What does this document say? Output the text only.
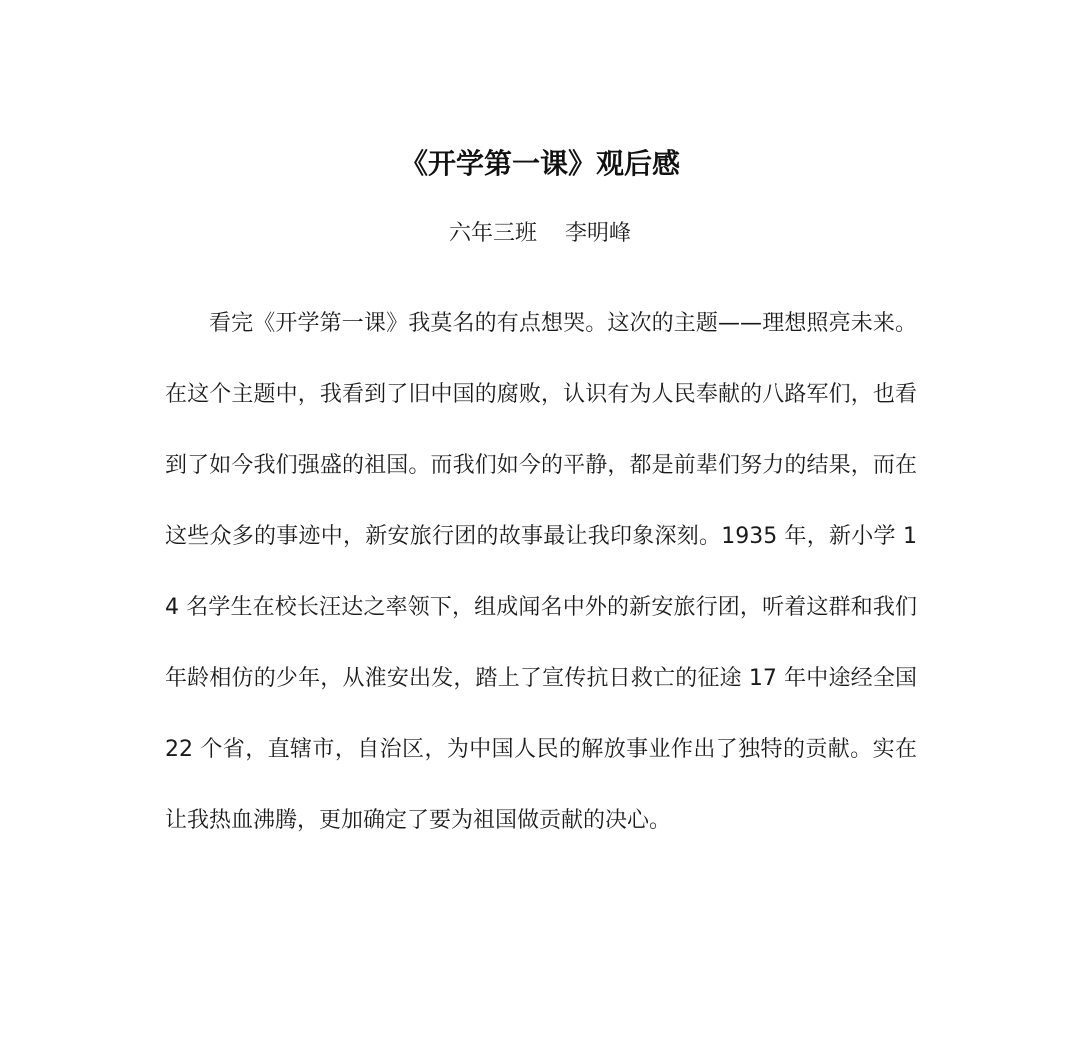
《开学第一课》观后感
六年三班    李明峰

看完《开学第一课》我莫名的有点想哭。这次的主题——理想照亮未来。在这个主题中，我看到了旧中国的腐败，认识有为人民奉献的八路军们，也看到了如今我们强盛的祖国。而我们如今的平静，都是前辈们努力的结果，而在这些众多的事迹中，新安旅行团的故事最让我印象深刻。1935 年，新小学 14 名学生在校长汪达之率领下，组成闻名中外的新安旅行团，听着这群和我们年龄相仿的少年，从淮安出发，踏上了宣传抗日救亡的征途 17 年中途经全国 22 个省，直辖市，自治区，为中国人民的解放事业作出了独特的贡献。实在让我热血沸腾，更加确定了要为祖国做贡献的决心。
